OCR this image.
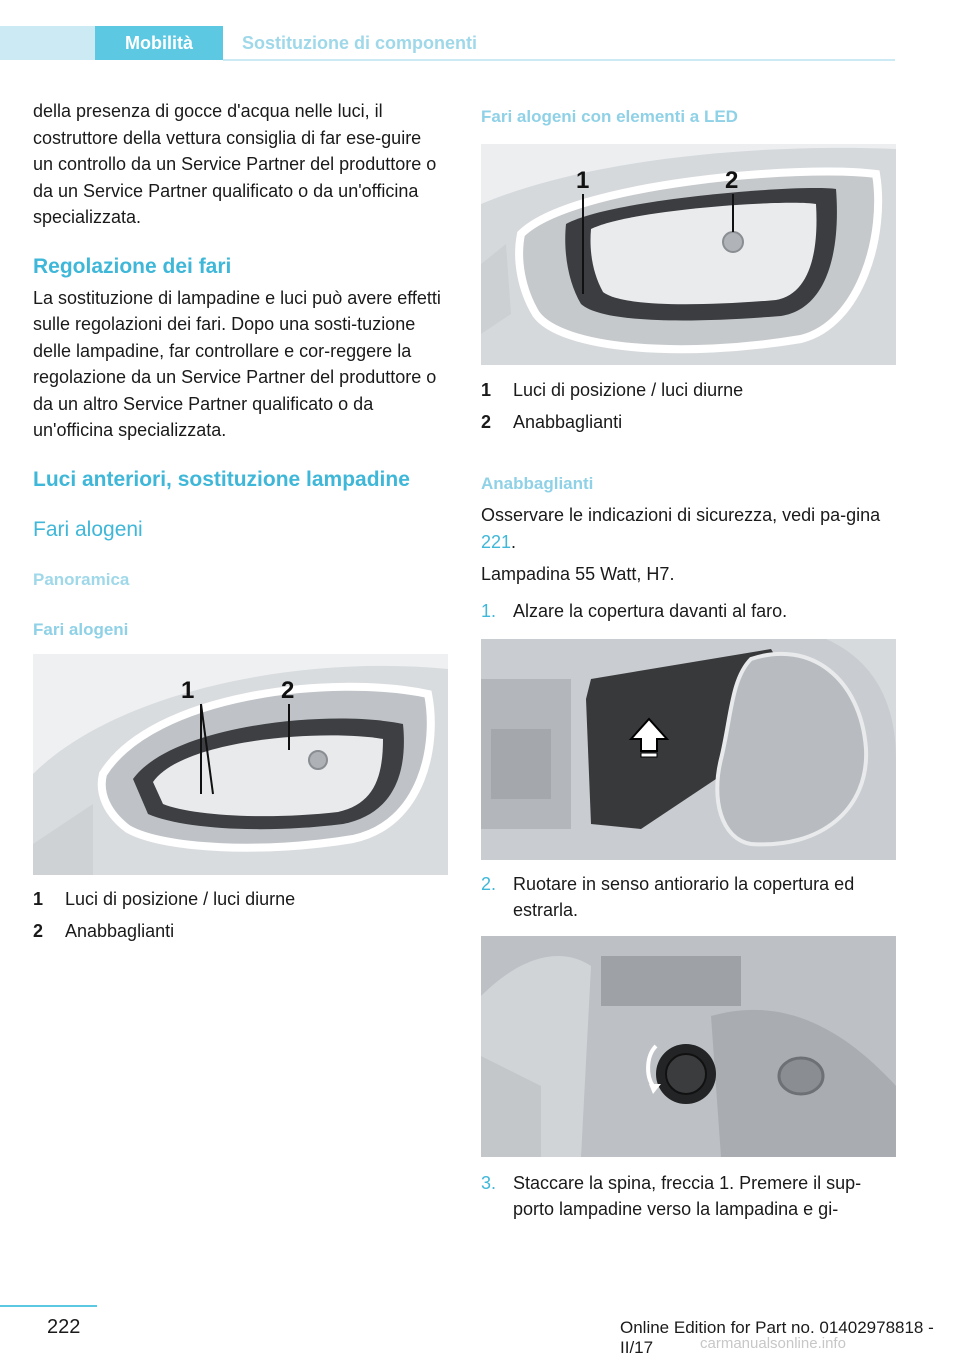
Mobilità	Sostituzione di componenti

della presenza di gocce d'acqua nelle luci, il costruttore della vettura consiglia di far ese-guire un controllo da un Service Partner del produttore o da un Service Partner qualificato o da un'officina specializzata.

Regolazione dei fari

La sostituzione di lampadine e luci può avere effetti sulle regolazioni dei fari. Dopo una sosti-tuzione delle lampadine, far controllare e cor-reggere la regolazione da un Service Partner del produttore o da un altro Service Partner qualificato o da un'officina specializzata.

Luci anteriori, sostituzione lampadine
Fari alogeni
Panoramica
Fari alogeni
1	2
1 Luci di posizione / luci diurne
2 Anabbaglianti
Fari alogeni con elementi a LED
1	2
1 Luci di posizione / luci diurne
2 Anabbaglianti
Anabbaglianti

Osservare le indicazioni di sicurezza, vedi pa-gina 221.

Lampadina 55 Watt, H7.

1. Alzare la copertura davanti al faro.
2. Ruotare in senso antiorario la copertura ed estrarla.
3. Staccare la spina, freccia 1. Premere il sup-porto lampadine verso la lampadina e gi-
222	Online Edition for Part no. 01402978818 - II/17	carmanualsonline.info
